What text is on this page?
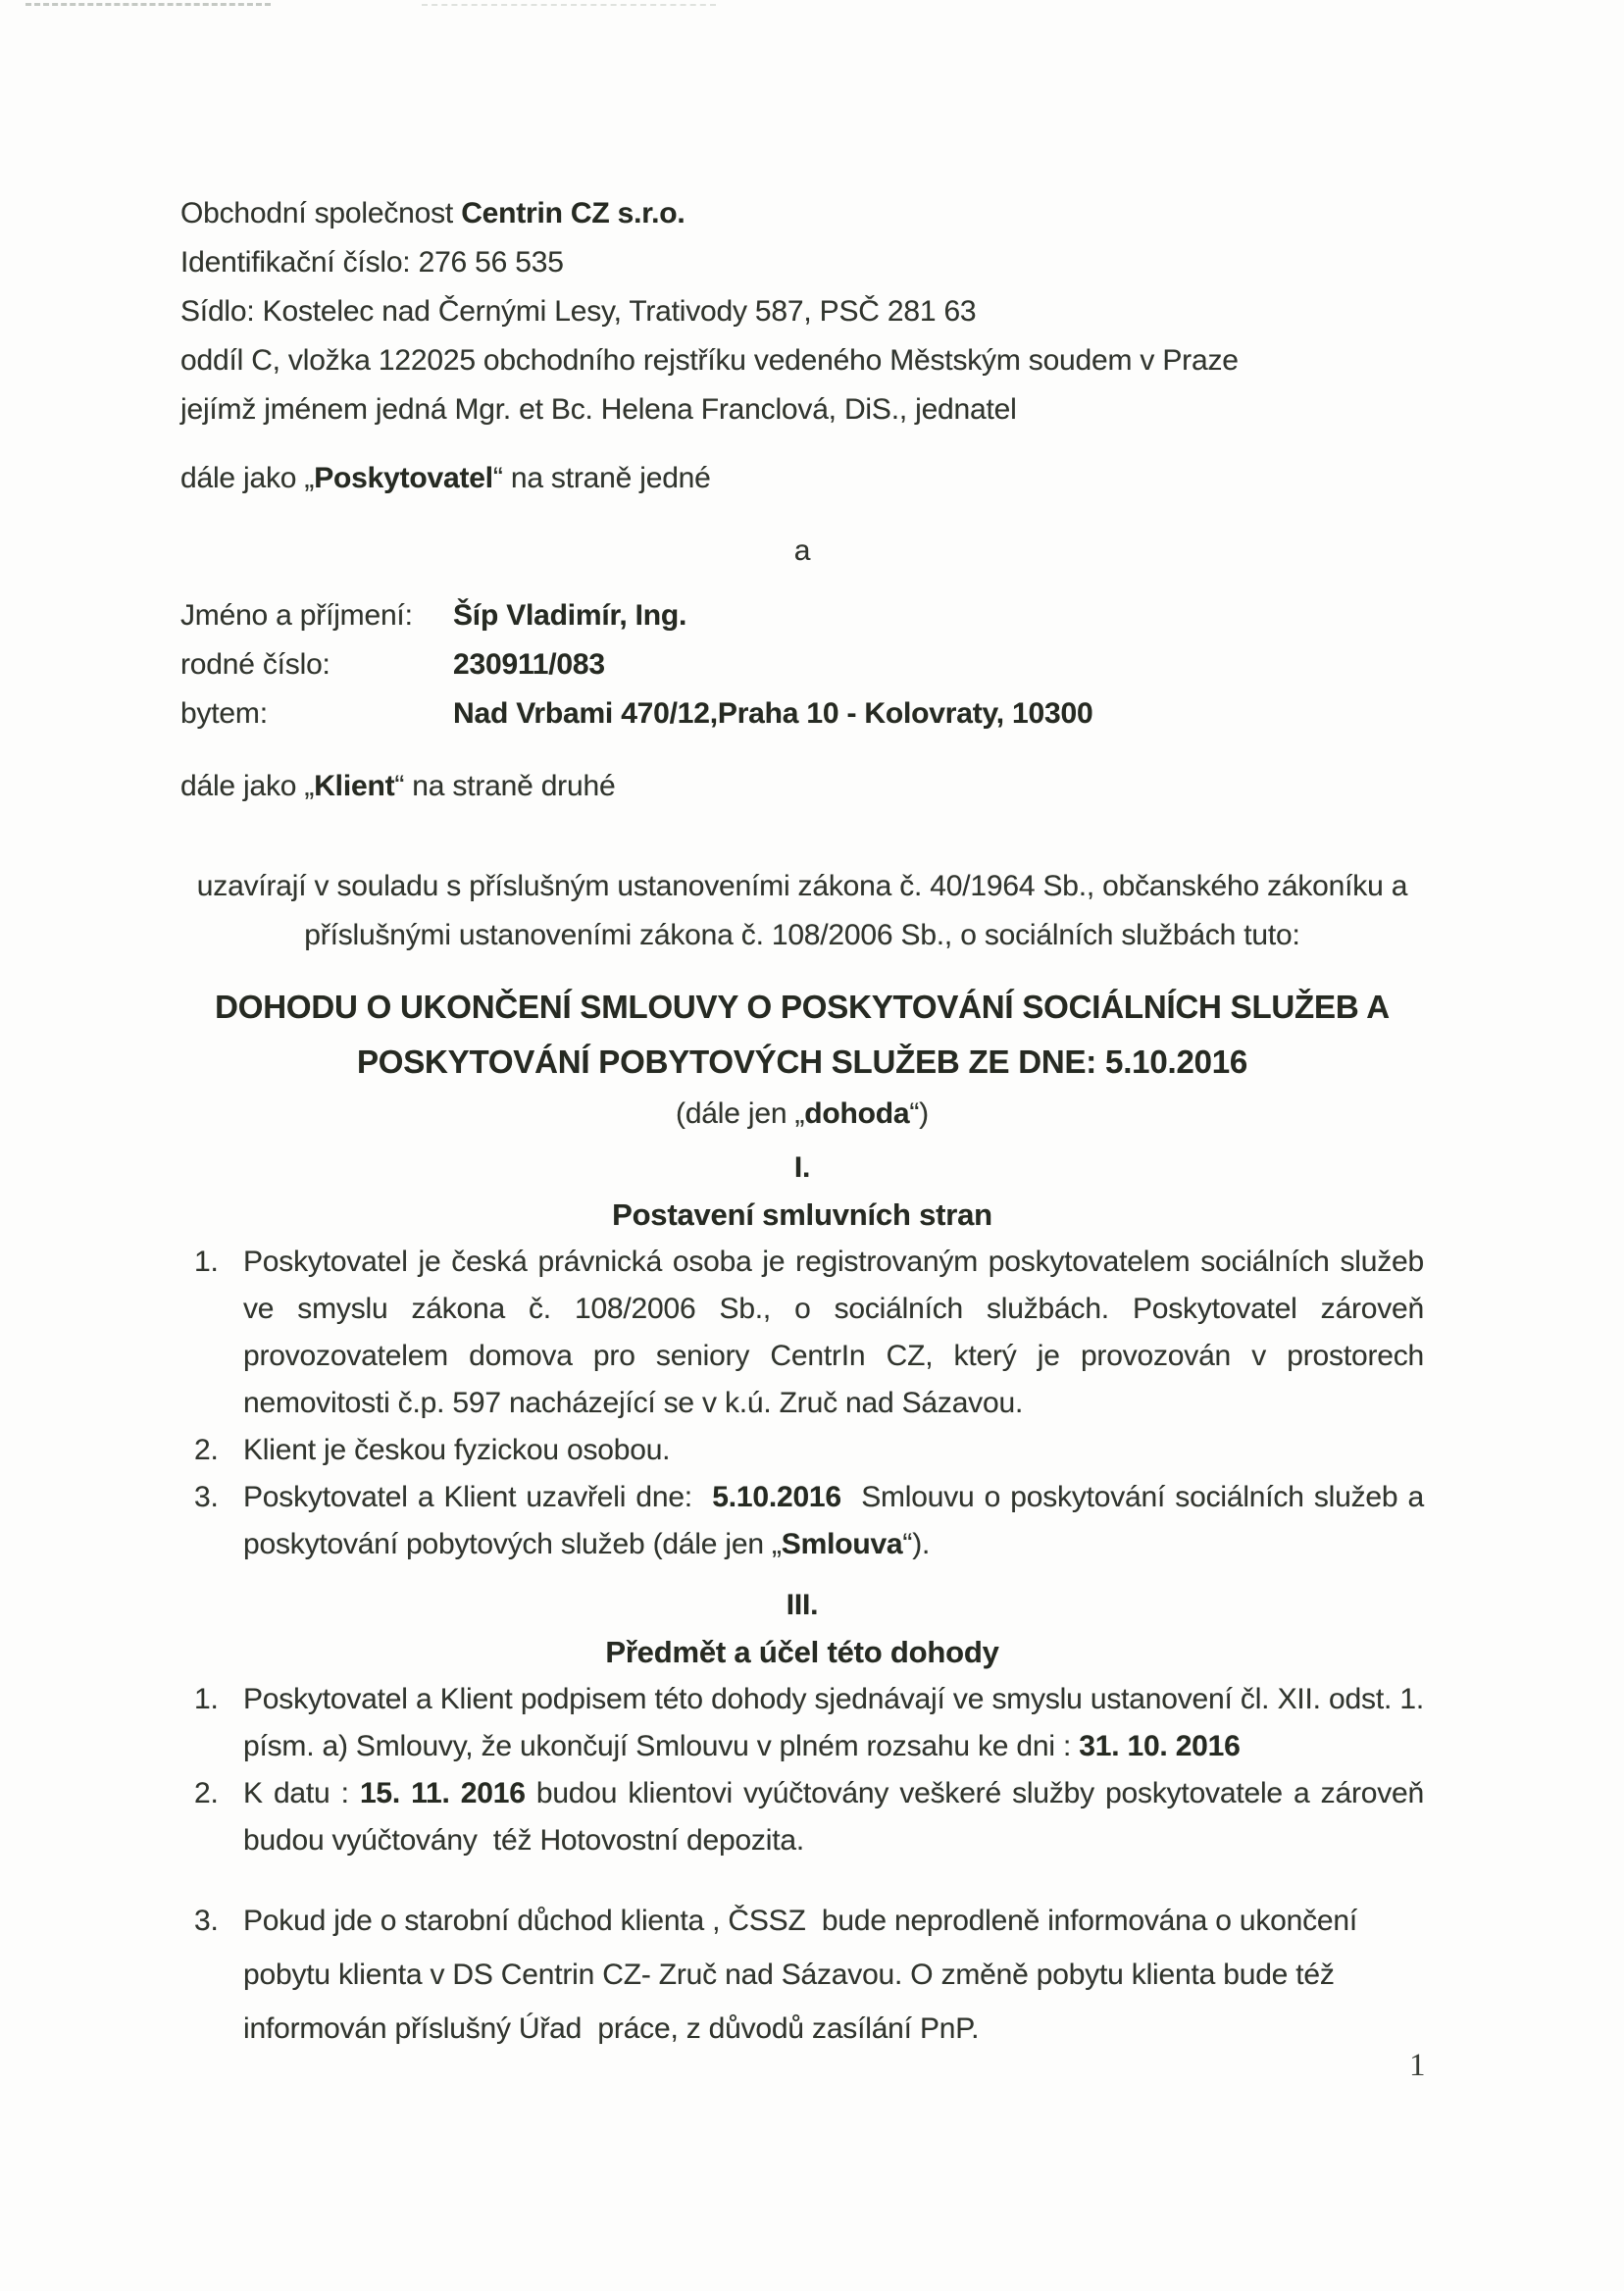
Obchodní společnost Centrin CZ s.r.o.

Identifikační číslo: 276 56 535

Sídlo: Kostelec nad Černými Lesy, Trativody 587, PSČ 281 63

oddíl C, vložka 122025 obchodního rejstříku vedeného Městským soudem v Praze

jejímž jménem jedná Mgr. et Bc. Helena Franclová, DiS., jednatel

dále jako „Poskytovatel“ na straně jedné

a

Jméno a příjmení:	Šíp Vladimír, Ing.
rodné číslo:	230911/083
bytem:	Nad Vrbami 470/12,Praha 10 - Kolovraty, 10300

dále jako „Klient“ na straně druhé

uzavírají v souladu s příslušným ustanoveními zákona č. 40/1964 Sb., občanského zákoníku a příslušnými ustanoveními zákona č. 108/2006 Sb., o sociálních službách tuto:

DOHODU O UKONČENÍ SMLOUVY O POSKYTOVÁNÍ SOCIÁLNÍCH SLUŽEB A POSKYTOVÁNÍ POBYTOVÝCH SLUŽEB ZE DNE: 5.10.2016

(dále jen „dohoda“)

I.

Postavení smluvních stran

1. Poskytovatel je česká právnická osoba je registrovaným poskytovatelem sociálních služeb ve smyslu zákona č. 108/2006 Sb., o sociálních službách. Poskytovatel zároveň provozovatelem domova pro seniory CentrIn CZ, který je provozován v prostorech nemovitosti č.p. 597 nacházející se v k.ú. Zruč nad Sázavou.
2. Klient je českou fyzickou osobou.
3. Poskytovatel a Klient uzavřeli dne:  5.10.2016  Smlouvu o poskytování sociálních služeb a poskytování pobytových služeb (dále jen „Smlouva“).

III.

Předmět a účel této dohody

1. Poskytovatel a Klient podpisem této dohody sjednávají ve smyslu ustanovení čl. XII. odst. 1. písm. a) Smlouvy, že ukončují Smlouvu v plném rozsahu ke dni : 31. 10. 2016
2. K datu : 15. 11. 2016 budou klientovi vyúčtovány veškeré služby poskytovatele a zároveň budou vyúčtovány  též Hotovostní depozita.
3. Pokud jde o starobní důchod klienta , ČSSZ  bude neprodleně informována o ukončení pobytu klienta v DS Centrin CZ- Zruč nad Sázavou. O změně pobytu klienta bude též informován příslušný Úřad  práce, z důvodů zasílání PnP.
1
